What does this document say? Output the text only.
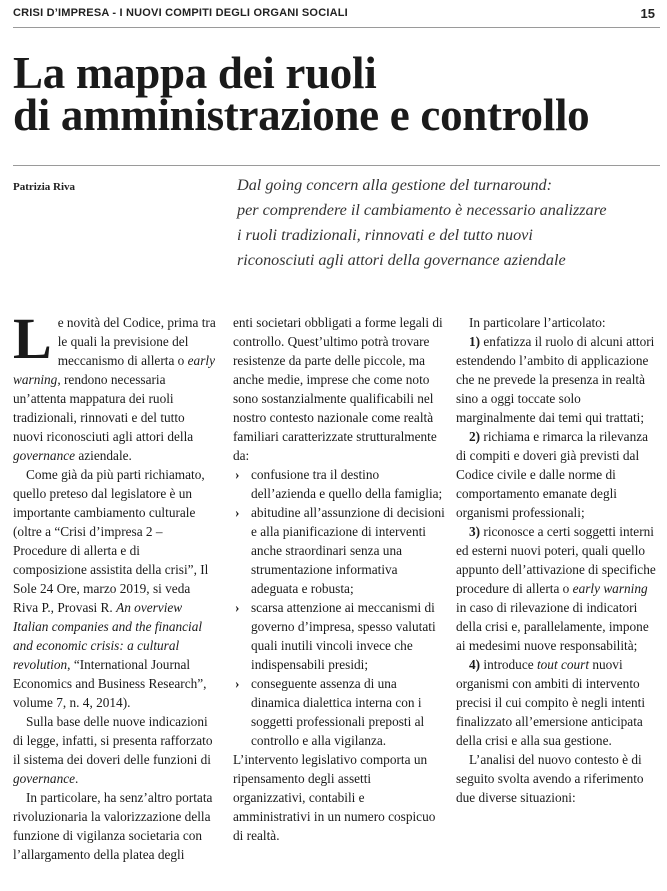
CRISI D’IMPRESA - I NUOVI COMPITI DEGLI ORGANI SOCIALI	15
La mappa dei ruoli
di amministrazione e controllo
Patrizia Riva	Dal going concern alla gestione del turnaround:
per comprendere il cambiamento è necessario analizzare
i ruoli tradizionali, rinnovati e del tutto nuovi
riconosciuti agli attori della governance aziendale

Le novità del Codice, prima tra le quali la previsione del meccanismo di allerta o early warning, rendono necessaria un’attenta mappatura dei ruoli tradizionali, rinnovati e del tutto nuovi riconosciuti agli attori della governance aziendale.

Come già da più parti richiamato, quello preteso dal legislatore è un importante cambiamento culturale (oltre a “Crisi d’impresa 2 – Procedure di allerta e di composizione assistita della crisi”, Il Sole 24 Ore, marzo 2019, si veda Riva P., Provasi R. An overview Italian companies and the financial and economic crisis: a cultural revolution, “International Journal Economics and Business Research”, volume 7, n. 4, 2014).

Sulla base delle nuove indicazioni di legge, infatti, si presenta rafforzato il sistema dei doveri delle funzioni di governance.

In particolare, ha senz’altro portata rivoluzionaria la valorizzazione della funzione di vigilanza societaria con l’allargamento della platea degli

enti societari obbligati a forme legali di controllo. Quest’ultimo potrà trovare resistenze da parte delle piccole, ma anche medie, imprese che come noto sono sostanzialmente qualificabili nel nostro contesto nazionale come realtà familiari caratterizzate strutturalmente da:

› confusione tra il destino dell’azienda e quello della famiglia;

› abitudine all’assunzione di decisioni e alla pianificazione di interventi anche straordinari senza una strumentazione informativa adeguata e robusta;

› scarsa attenzione ai meccanismi di governo d’impresa, spesso valutati quali inutili vincoli invece che indispensabili presidi;

› conseguente assenza di una dinamica dialettica interna con i soggetti professionali preposti al controllo e alla vigilanza.

L’intervento legislativo comporta un ripensamento degli assetti organizzativi, contabili e amministrativi in un numero cospicuo di realtà.

In particolare l’articolato:

1) enfatizza il ruolo di alcuni attori estendendo l’ambito di applicazione che ne prevede la presenza in realtà sino a oggi toccate solo marginalmente dai temi qui trattati;

2) richiama e rimarca la rilevanza di compiti e doveri già previsti dal Codice civile e dalle norme di comportamento emanate degli organismi professionali;

3) riconosce a certi soggetti interni ed esterni nuovi poteri, quali quello appunto dell’attivazione di specifiche procedure di allerta o early warning in caso di rilevazione di indicatori della crisi e, parallelamente, impone ai medesimi nuove responsabilità;

4) introduce tout court nuovi organismi con ambiti di intervento precisi il cui compito è negli intenti finalizzato all’emersione anticipata della crisi e alla sua gestione.

L’analisi del nuovo contesto è di seguito svolta avendo a riferimento due diverse situazioni:
